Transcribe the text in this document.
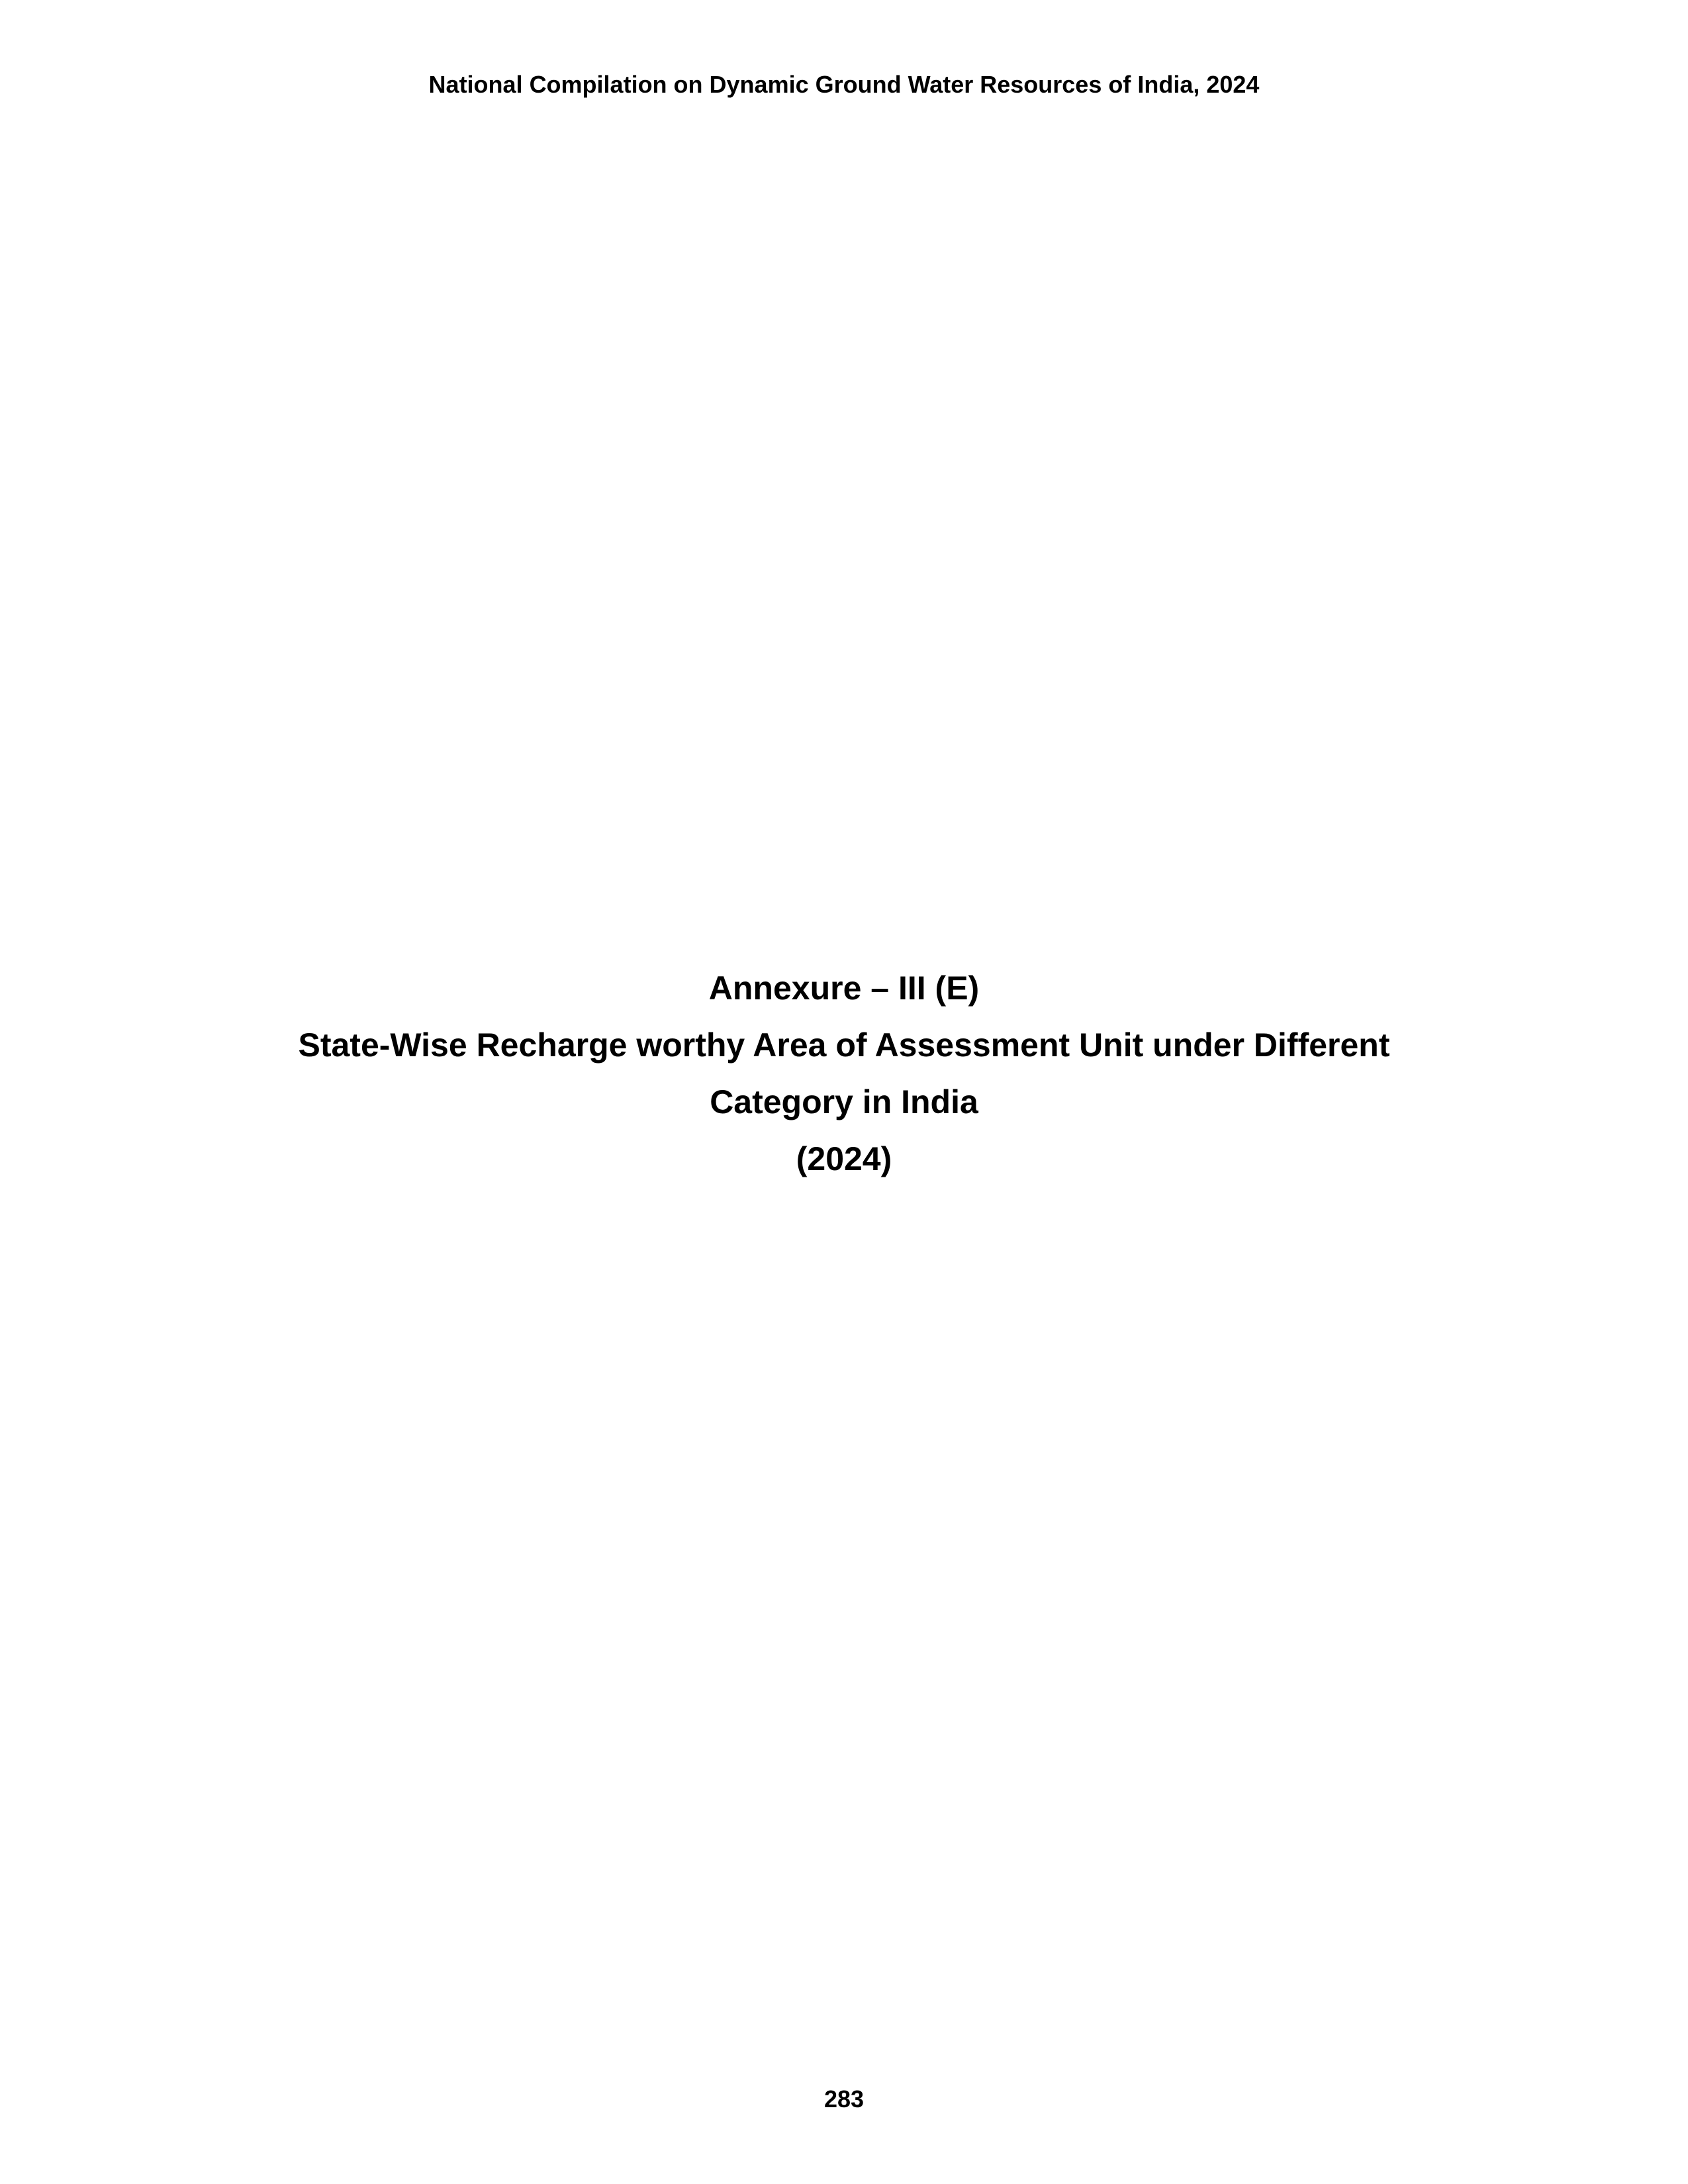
National Compilation on Dynamic Ground Water Resources of India, 2024
Annexure – III (E)
State-Wise Recharge worthy Area of Assessment Unit under Different
Category in India
(2024)
283
